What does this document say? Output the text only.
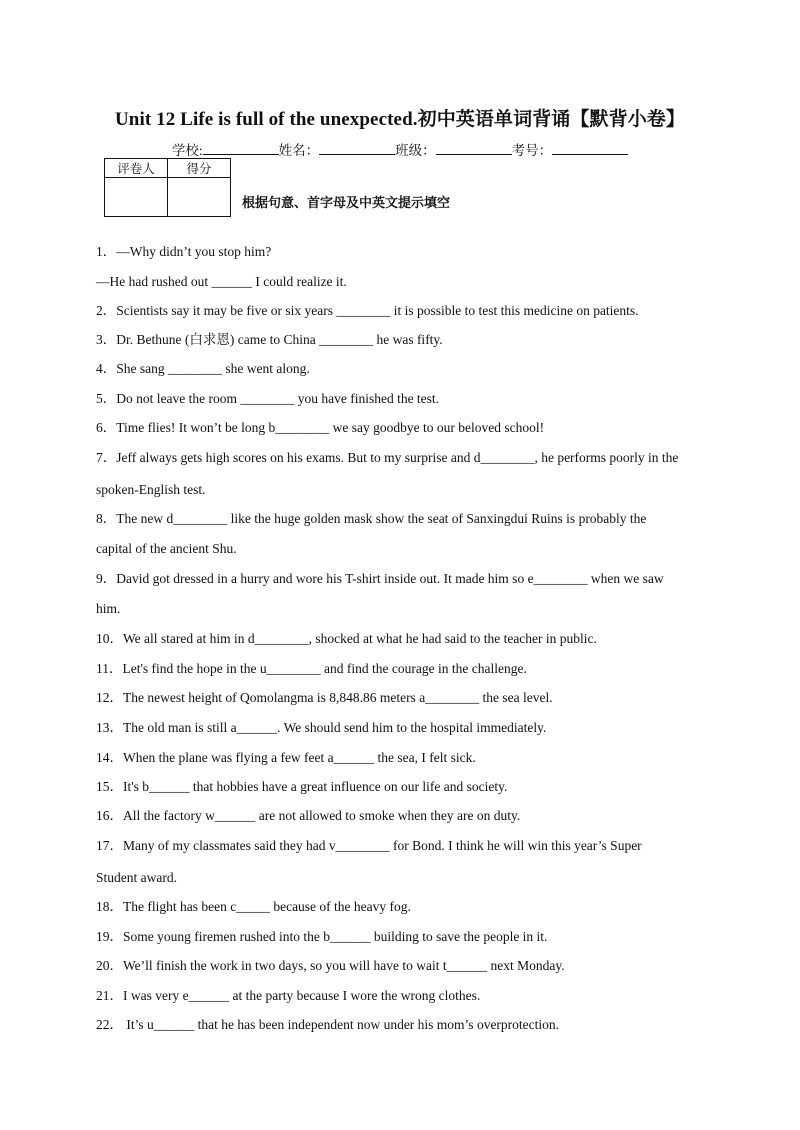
Unit 12 Life is full of the unexpected.初中英语单词背诵【默背小卷】
学校:	姓名：	班级：	考号：
评卷人	得分

根据句意、首字母及中英文提示填空
1．—Why didn’t you stop him?
—He had rushed out ______ I could realize it.
2．Scientists say it may be five or six years ________ it is possible to test this medicine on patients.
3．Dr. Bethune (白求恩) came to China ________ he was fifty.
4．She sang ________ she went along.
5．Do not leave the room ________ you have finished the test.
6．Time flies! It won’t be long b________ we say goodbye to our beloved school!
7．Jeff always gets high scores on his exams. But to my surprise and d________, he performs poorly in the
spoken-English test.
8．The new d________ like the huge golden mask show the seat of Sanxingdui Ruins is probably the
capital of the ancient Shu.
9．David got dressed in a hurry and wore his T-shirt inside out. It made him so e________ when we saw
him.
10．We all stared at him in d________, shocked at what he had said to the teacher in public.
11．Let's find the hope in the u________ and find the courage in the challenge.
12．The newest height of Qomolangma is 8,848.86 meters a________ the sea level.
13．The old man is still a______. We should send him to the hospital immediately.
14．When the plane was flying a few feet a______ the sea, I felt sick.
15．It's b______ that hobbies have a great influence on our life and society.
16．All the factory w______ are not allowed to smoke when they are on duty.
17．Many of my classmates said they had v________ for Bond. I think he will win this year’s Super
Student award.
18．The flight has been c_____ because of the heavy fog.
19．Some young firemen rushed into the b______ building to save the people in it.
20．We’ll finish the work in two days, so you will have to wait t______ next Monday.
21．I was very e______ at the party because I wore the wrong clothes.
22． It’s u______ that he has been independent now under his mom’s overprotection.
